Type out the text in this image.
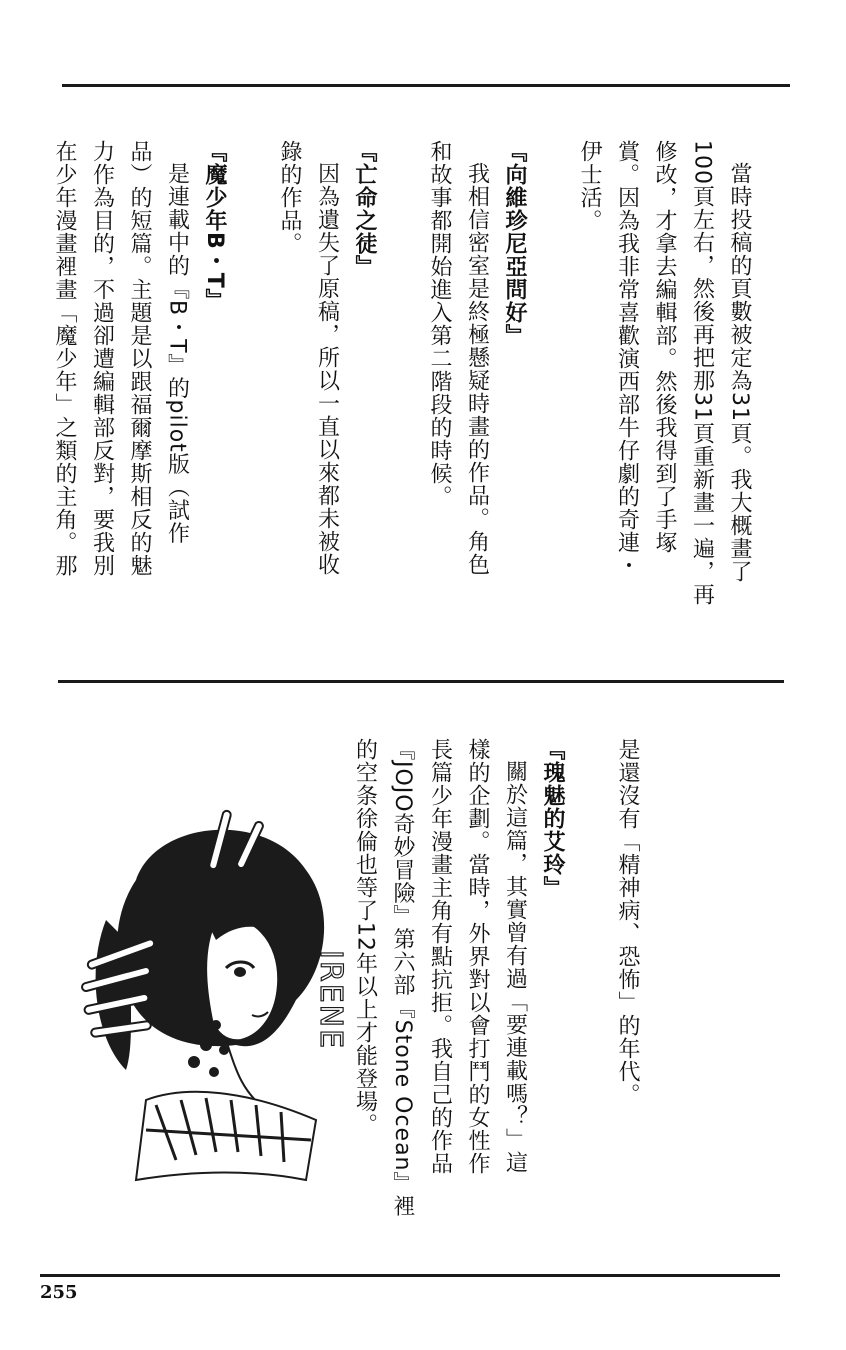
當時投稿的頁數被定為31頁。我大概畫了
100頁左右，然後再把那31頁重新畫一遍，再
修改，才拿去編輯部。然後我得到了手塚
賞。因為我非常喜歡演西部牛仔劇的奇連・
伊士活。

『向維珍尼亞問好』
我相信密室是終極懸疑時畫的作品。角色
和故事都開始進入第二階段的時候。

『亡命之徒』
因為遺失了原稿，所以一直以來都未被收
錄的作品。

『魔少年B・T』
是連載中的『B・T』的pilot版（試作
品）的短篇。主題是以跟福爾摩斯相反的魅
力作為目的，不過卻遭編輯部反對，要我別
在少年漫畫裡畫「魔少年」之類的主角。那
是還沒有「精神病、恐怖」的年代。

『瑰魅的艾玲』
關於這篇，其實曾有過「要連載嗎？」這
樣的企劃。當時，外界對以會打鬥的女性作
長篇少年漫畫主角有點抗拒。我自己的作品
『JOJO奇妙冒險』第六部『Stone Ocean』裡
的空条徐倫也等了12年以上才能登場。
IRENE
255
